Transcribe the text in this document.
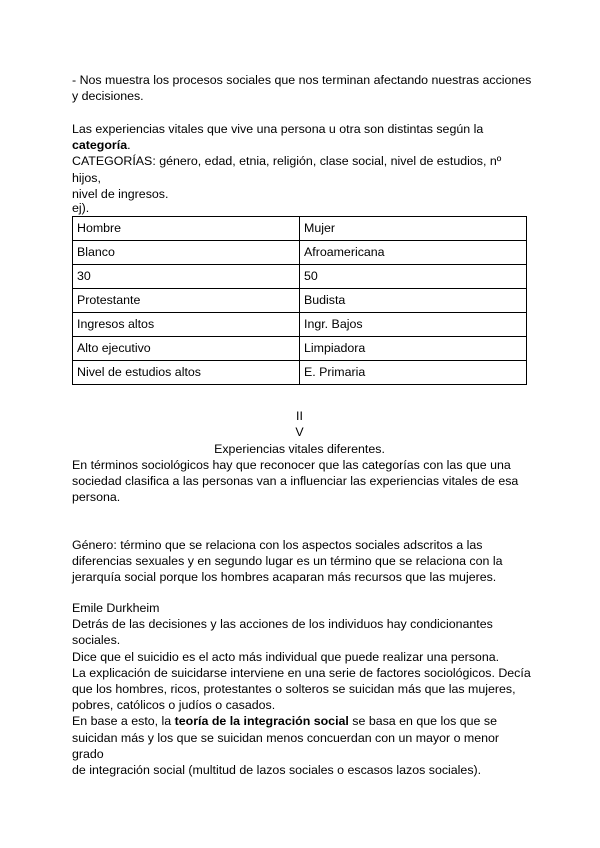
- Nos muestra los procesos sociales que nos terminan afectando nuestras acciones

y decisiones.

Las experiencias vitales que vive una persona u otra son distintas según la

categoría.

CATEGORÍAS: género, edad, etnia, religión, clase social, nivel de estudios, nº hijos,

nivel de ingresos.

ej).

Hombre	Mujer
Blanco	Afroamericana
30	50
Protestante	Budista
Ingresos altos	Ingr. Bajos
Alto ejecutivo	Limpiadora
Nivel de estudios altos	E. Primaria

II

V

Experiencias vitales diferentes.

En términos sociológicos hay que reconocer que las categorías con las que una

sociedad clasifica a las personas van a influenciar las experiencias vitales de esa

persona.

Género: término que se relaciona con los aspectos sociales adscritos a las

diferencias sexuales y en segundo lugar es un término que se relaciona con la

jerarquía social porque los hombres acaparan más recursos que las mujeres.

Emile Durkheim

Detrás de las decisiones y las acciones de los individuos hay condicionantes

sociales.

Dice que el suicidio es el acto más individual que puede realizar una persona.

La explicación de suicidarse interviene en una serie de factores sociológicos. Decía

que los hombres, ricos, protestantes o solteros se suicidan más que las mujeres,

pobres, católicos o judíos o casados.

En base a esto, la teoría de la integración social se basa en que los que se

suicidan más y los que se suicidan menos concuerdan con un mayor o menor grado

de integración social (multitud de lazos sociales o escasos lazos sociales).
